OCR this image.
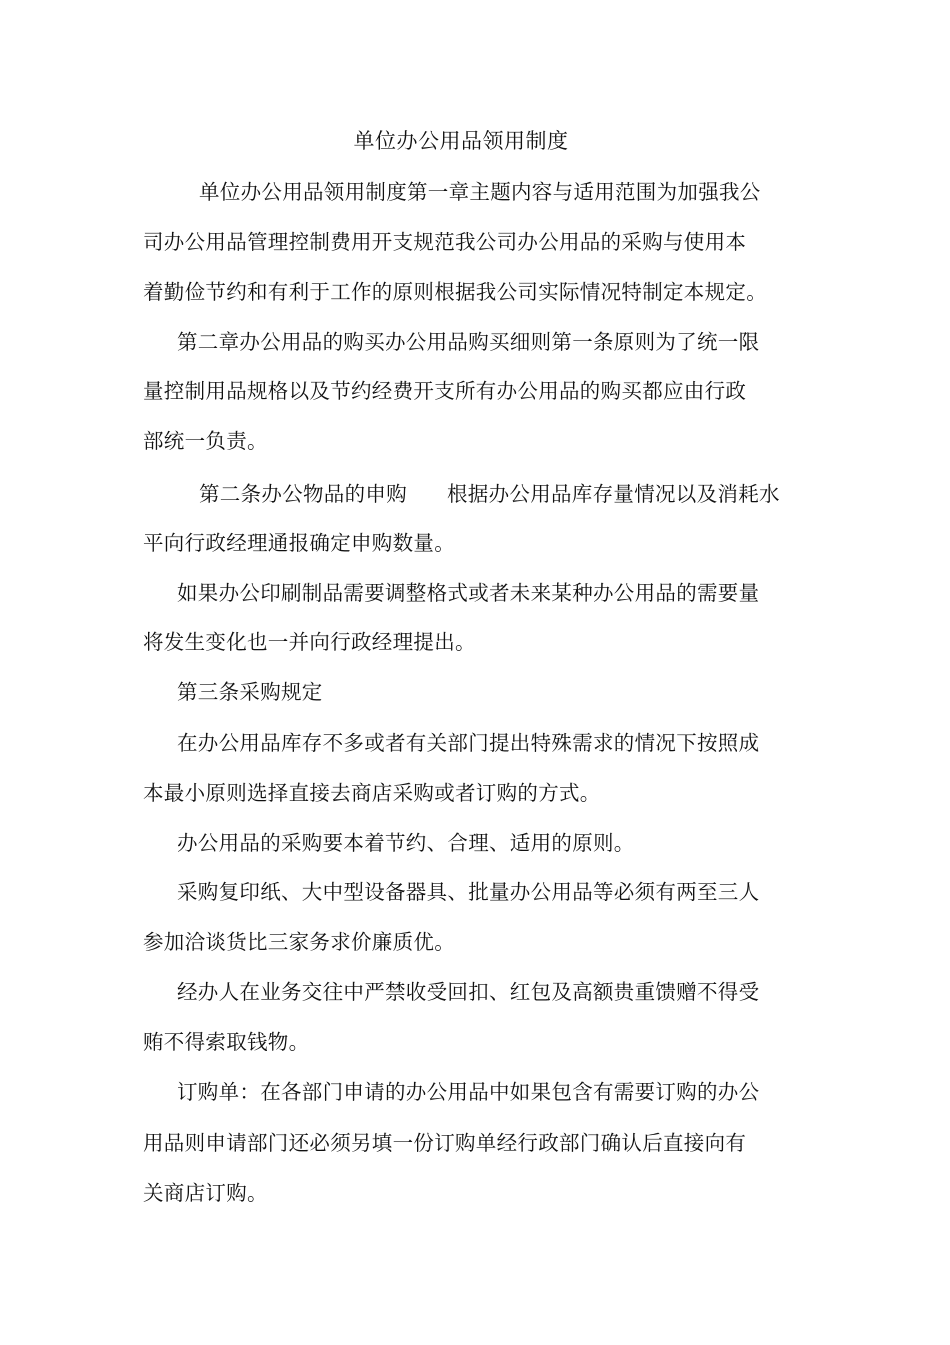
单位办公用品领用制度
单位办公用品领用制度第一章主题内容与适用范围为加强我公
司办公用品管理控制费用开支规范我公司办公用品的采购与使用本
着勤俭节约和有利于工作的原则根据我公司实际情况特制定本规定。
第二章办公用品的购买办公用品购买细则第一条原则为了统一限
量控制用品规格以及节约经费开支所有办公用品的购买都应由行政
部统一负责。
第二条办公物品的申购 根据办公用品库存量情况以及消耗水
平向行政经理通报确定申购数量。
如果办公印刷制品需要调整格式或者未来某种办公用品的需要量
将发生变化也一并向行政经理提出。
第三条采购规定
在办公用品库存不多或者有关部门提出特殊需求的情况下按照成
本最小原则选择直接去商店采购或者订购的方式。
办公用品的采购要本着节约、合理、适用的原则。
采购复印纸、大中型设备器具、批量办公用品等必须有两至三人
参加洽谈货比三家务求价廉质优。
经办人在业务交往中严禁收受回扣、红包及高额贵重馈赠不得受
贿不得索取钱物。
订购单：在各部门申请的办公用品中如果包含有需要订购的办公
用品则申请部门还必须另填一份订购单经行政部门确认后直接向有
关商店订购。
